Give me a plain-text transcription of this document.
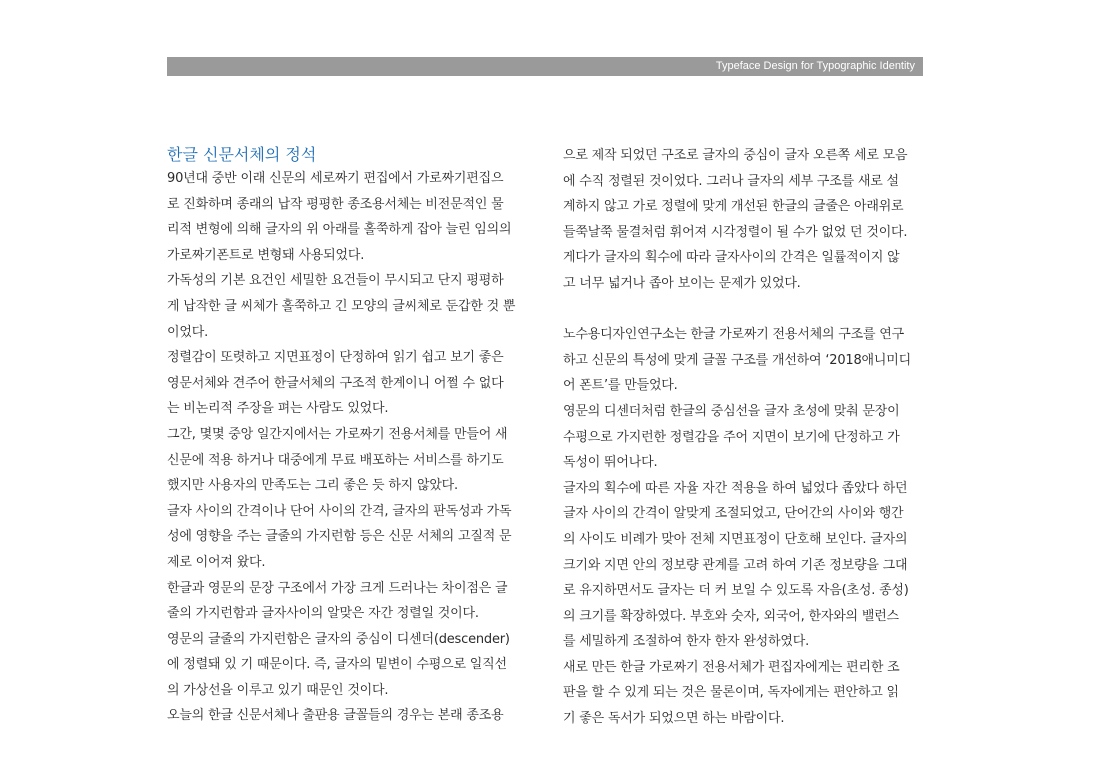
Typeface Design for Typographic Identity
한글 신문서체의 정석
90년대 중반 이래 신문의 세로짜기 편집에서 가로짜기편집으
로 진화하며 종래의 납작 평평한 종조용서체는 비전문적인 물
리적 변형에 의해 글자의 위 아래를 홀쭉하게 잡아 늘린 임의의
가로짜기폰트로 변형돼 사용되었다.
가독성의 기본 요건인 세밀한 요건들이 무시되고 단지 평평하
게 납작한 글 씨체가 홀쭉하고 긴 모양의 글씨체로 둔갑한 것 뿐
이었다.
정렬감이 또렷하고 지면표정이 단정하여 읽기 쉽고 보기 좋은
영문서체와 견주어 한글서체의 구조적 한계이니 어쩔 수 없다
는 비논리적 주장을 펴는 사람도 있었다.
그간, 몇몇 중앙 일간지에서는 가로짜기 전용서체를 만들어 새
신문에 적용 하거나 대중에게 무료 배포하는 서비스를 하기도
했지만 사용자의 만족도는 그리 좋은 듯 하지 않았다.
글자 사이의 간격이나 단어 사이의 간격, 글자의 판독성과 가독
성에 영향을 주는 글줄의 가지런함 등은 신문 서체의 고질적 문
제로 이어져 왔다.
한글과 영문의 문장 구조에서 가장 크게 드러나는 차이점은 글
줄의 가지런함과 글자사이의 알맞은 자간 정렬일 것이다.
영문의 글줄의 가지런함은 글자의 중심이 디센더(descender)
에 정렬돼 있 기 때문이다. 즉, 글자의 밑변이 수평으로 일직선
의 가상선을 이루고 있기 때문인 것이다.
오늘의 한글 신문서체나 출판용 글꼴들의 경우는 본래 종조용
으로 제작 되었던 구조로 글자의 중심이 글자 오른쪽 세로 모음
에 수직 정렬된 것이었다. 그러나 글자의 세부 구조를 새로 설
계하지 않고 가로 정렬에 맞게 개선된 한글의 글줄은 아래위로
들쭉날쭉 물결처럼 휘어져 시각정렬이 될 수가 없었 던 것이다.
게다가 글자의 획수에 따라 글자사이의 간격은 일률적이지 않
고 너무 넓거나 좁아 보이는 문제가 있었다.
노수용디자인연구소는 한글 가로짜기 전용서체의 구조를 연구
하고 신문의 특성에 맞게 글꼴 구조를 개선하여 ‘2018애니미디
어 폰트’를 만들었다.
영문의 디센더처럼 한글의 중심선을 글자 초성에 맞춰 문장이
수평으로 가지런한 정렬감을 주어 지면이 보기에 단정하고 가
독성이 뛰어나다.
글자의 획수에 따른 자율 자간 적용을 하여 넓었다 좁았다 하던
글자 사이의 간격이 알맞게 조절되었고, 단어간의 사이와 행간
의 사이도 비례가 맞아 전체 지면표정이 단호해 보인다. 글자의
크기와 지면 안의 정보량 관계를 고려 하여 기존 정보량을 그대
로 유지하면서도 글자는 더 커 보일 수 있도록 자음(초성. 종성)
의 크기를 확장하였다. 부호와 숫자, 외국어, 한자와의 밸런스
를 세밀하게 조절하여 한자 한자 완성하였다.
새로 만든 한글 가로짜기 전용서체가 편집자에게는 편리한 조
판을 할 수 있게 되는 것은 물론이며, 독자에게는 편안하고 읽
기 좋은 독서가 되었으면 하는 바람이다.
